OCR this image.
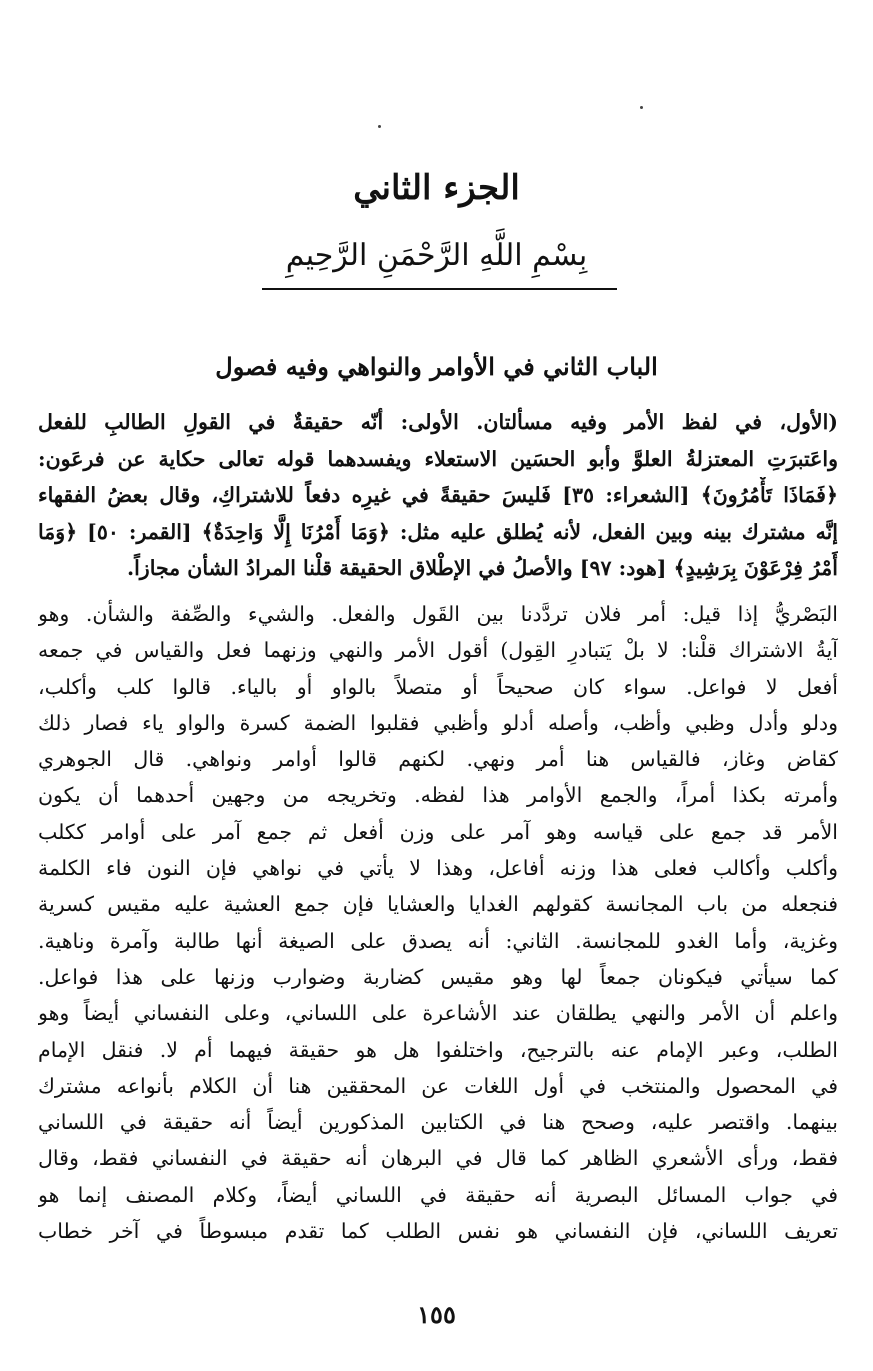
الجزء الثاني
بِسْمِ اللَّهِ الرَّحْمَنِ الرَّحِيمِ
الباب الثاني في الأوامر والنواهي وفيه فصول
(الأول، في لفظ الأمر وفيه مسألتان. الأولى: أنّه حقيقةٌ في القولِ الطالبِ للفعل
واعَتبرَتِ المعتزلةُ العلوَّ وأبو الحسَين الاستعلاء ويفسدهما قوله تعالى حكاية عن فرعَون:
﴿فَمَاذَا تَأْمُرُونَ﴾ [الشعراء: ٣٥] فَليسَ حقيقةً في غيرِه دفعاً للاشتراكِ، وقال بعضُ الفقهاء
إنَّه مشترك بينه وبين الفعل، لأنه يُطلق عليه مثل: ﴿وَمَا أَمْرُنَا إِلَّا وَاحِدَةٌ﴾ [القمر: ٥٠] ﴿وَمَا
أَمْرُ فِرْعَوْنَ بِرَشِيدٍ﴾ [هود: ٩٧] والأصلُ في الإطْلاق الحقيقة قلْنا المرادُ الشأن مجازاً.
البَصْريُّ إذا قيل: أمر فلان تردَّدنا بين القَول والفعل. والشيء والصِّفة والشأن. وهو
آيةُ الاشتراك قلْنا: لا بلْ يَتبادرِ القِول) أقول الأمر والنهي وزنهما فعل والقياس في جمعه
أفعل لا فواعل. سواء كان صحيحاً أو متصلاً بالواو أو بالياء. قالوا كلب وأكلب،
ودلو وأدل وظبي وأظب، وأصله أدلو وأظبي فقلبوا الضمة كسرة والواو ياء فصار ذلك
كقاض وغاز، فالقياس هنا أمر ونهي. لكنهم قالوا أوامر ونواهي. قال الجوهري
وأمرته بكذا أمراً، والجمع الأوامر هذا لفظه. وتخريجه من وجهين أحدهما أن يكون
الأمر قد جمع على قياسه وهو آمر على وزن أفعل ثم جمع آمر على أوامر ككلب
وأكلب وأكالب فعلى هذا وزنه أفاعل، وهذا لا يأتي في نواهي فإن النون فاء الكلمة
فنجعله من باب المجانسة كقولهم الغدايا والعشايا فإن جمع العشية عليه مقيس كسرية
وغزية، وأما الغدو للمجانسة. الثاني: أنه يصدق على الصيغة أنها طالبة وآمرة وناهية.
كما سيأتي فيكونان جمعاً لها وهو مقيس كضاربة وضوارب وزنها على هذا فواعل.
واعلم أن الأمر والنهي يطلقان عند الأشاعرة على اللساني، وعلى النفساني أيضاً وهو
الطلب، وعبر الإمام عنه بالترجيح، واختلفوا هل هو حقيقة فيهما أم لا. فنقل الإمام
في المحصول والمنتخب في أول اللغات عن المحققين هنا أن الكلام بأنواعه مشترك
بينهما. واقتصر عليه، وصحح هنا في الكتابين المذكورين أيضاً أنه حقيقة في اللساني
فقط، ورأى الأشعري الظاهر كما قال في البرهان أنه حقيقة في النفساني فقط، وقال
في جواب المسائل البصرية أنه حقيقة في اللساني أيضاً، وكلام المصنف إنما هو
تعريف اللساني، فإن النفساني هو نفس الطلب كما تقدم مبسوطاً في آخر خطاب
١٥٥
